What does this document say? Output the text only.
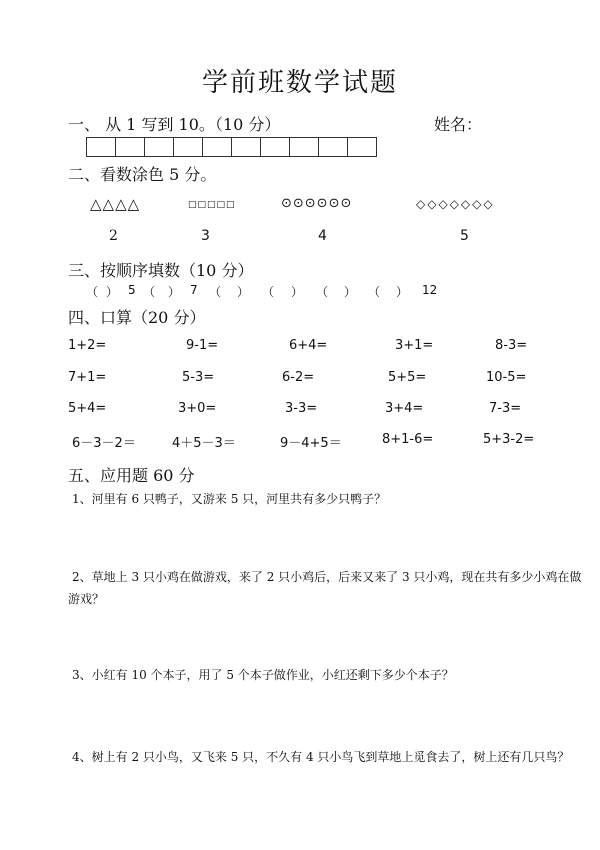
学前班数学试题
一、 从 1 写到 10。（10 分）	姓名：
二、看数涂色 5 分。
△△△△	□□□□□	⊙⊙⊙⊙⊙⊙	◇◇◇◇◇◇◇
2	3	4	5
三、按顺序填数（10 分）
（ ） 5 （ ） 7 （ ） （ ） （ ） （ ） 12
四、口算（20 分）
1+2=	9-1=	6+4=	3+1=	8-3=
7+1=	5-3=	6-2=	5+5=	10-5=
5+4=	3+0=	3-3=	3+4=	7-3=
6－3－2＝	4＋5－3＝	9－4+5＝	8+1-6=	5+3-2=
五、应用题 60 分
1、河里有 6 只鸭子，又游来 5 只，河里共有多少只鸭子？
2、草地上 3 只小鸡在做游戏，来了 2 只小鸡后，后来又来了 3 只小鸡，现在共有多少小鸡在做游戏？
3、小红有 10 个本子，用了 5 个本子做作业，小红还剩下多少个本子？
4、树上有 2 只小鸟，又飞来 5 只，不久有 4 只小鸟飞到草地上觅食去了，树上还有几只鸟？
